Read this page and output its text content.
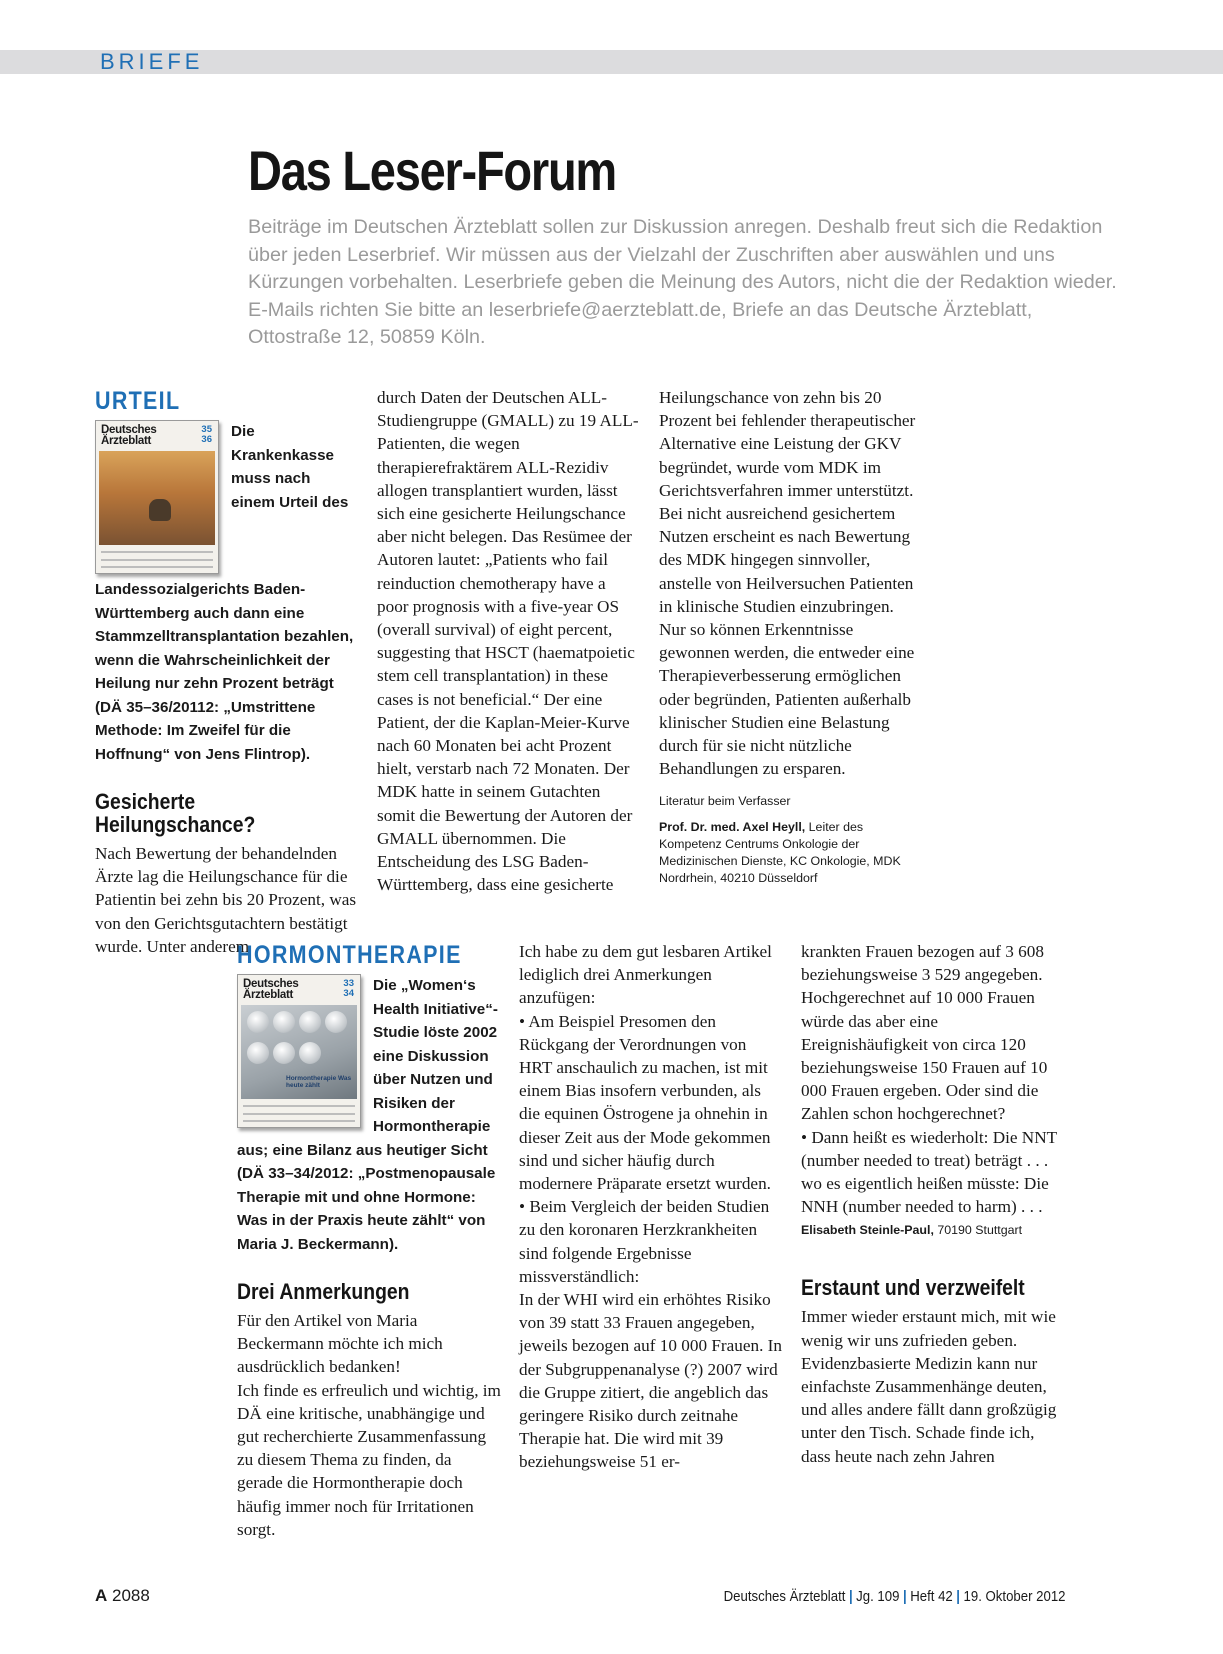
BRIEFE
Das Leser-Forum

Beiträge im Deutschen Ärzteblatt sollen zur Diskussion anregen. Deshalb freut sich die Redaktion über jeden Leserbrief. Wir müssen aus der Vielzahl der Zuschriften aber auswählen und uns Kürzungen vorbehalten. Leserbriefe geben die Meinung des Autors, nicht die der Redaktion wieder. E-Mails richten Sie bitte an leserbriefe@aerzteblatt.de, Briefe an das Deutsche Ärzteblatt, Ottostraße 12, 50859 Köln.

URTEIL
Deutsches
Ärzteblatt
35
36	Die Krankenkasse muss nach einem Urteil des Landessozialgerichts Baden-Württemberg auch dann eine Stammzelltransplantation bezahlen, wenn die Wahrscheinlichkeit der Heilung nur zehn Prozent beträgt (DÄ 35–36/20112: „Umstrittene Methode: Im Zweifel für die Hoffnung“ von Jens Flintrop).

Gesicherte Heilungschance?

Nach Bewertung der behandelnden Ärzte lag die Heilungschance für die Patientin bei zehn bis 20 Prozent, was von den Gerichtsgutachtern bestätigt wurde. Unter anderem

durch Daten der Deutschen ALL-Studiengruppe (GMALL) zu 19 ALL-Patienten, die wegen therapierefraktärem ALL-Rezidiv allogen transplantiert wurden, lässt sich eine gesicherte Heilungschance aber nicht belegen. Das Resümee der Autoren lautet: „Patients who fail reinduction chemotherapy have a poor prognosis with a five-year OS (overall survival) of eight percent, suggesting that HSCT (haematpoietic stem cell transplantation) in these cases is not beneficial.“ Der eine Patient, der die Kaplan-Meier-Kurve nach 60 Monaten bei acht Prozent hielt, verstarb nach 72 Monaten. Der MDK hatte in seinem Gutachten somit die Bewertung der Autoren der GMALL übernommen. Die Entscheidung des LSG Baden-Württemberg, dass eine gesicherte

Heilungschance von zehn bis 20 Prozent bei fehlender therapeutischer Alternative eine Leistung der GKV begründet, wurde vom MDK im Gerichtsverfahren immer unterstützt. Bei nicht ausreichend gesichertem Nutzen erscheint es nach Bewertung des MDK hingegen sinnvoller, anstelle von Heilversuchen Patienten in klinische Studien einzubringen. Nur so können Erkenntnisse gewonnen werden, die entweder eine Therapieverbesserung ermöglichen oder begründen, Patienten außerhalb klinischer Studien eine Belastung durch für sie nicht nützliche Behandlungen zu ersparen.

Literatur beim Verfasser

Prof. Dr. med. Axel Heyll, Leiter des Kompetenz Centrums Onkologie der Medizinischen Dienste, KC Onkologie, MDK Nordrhein, 40210 Düsseldorf

HORMONTHERAPIE
Deutsches
Ärzteblatt
33
34

Hormontherapie Was heute zählt

Die „Women‘s Health Initiative“-Studie löste 2002 eine Diskussion über Nutzen und Risiken der Hormontherapie aus; eine Bilanz aus heutiger Sicht (DÄ 33–34/2012: „Postmenopausale Therapie mit und ohne Hormone: Was in der Praxis heute zählt“ von Maria J. Beckermann).

Drei Anmerkungen

Für den Artikel von Maria Beckermann möchte ich mich ausdrücklich bedanken!
Ich finde es erfreulich und wichtig, im DÄ eine kritische, unabhängige und gut recherchierte Zusammenfassung zu diesem Thema zu finden, da gerade die Hormontherapie doch häufig immer noch für Irritationen sorgt.

Ich habe zu dem gut lesbaren Artikel lediglich drei Anmerkungen anzufügen:
• Am Beispiel Presomen den Rückgang der Verordnungen von HRT anschaulich zu machen, ist mit einem Bias insofern verbunden, als die equinen Östrogene ja ohnehin in dieser Zeit aus der Mode gekommen sind und sicher häufig durch modernere Präparate ersetzt wurden.
• Beim Vergleich der beiden Studien zu den koronaren Herzkrankheiten sind folgende Ergebnisse missverständlich:
In der WHI wird ein erhöhtes Risiko von 39 statt 33 Frauen angegeben, jeweils bezogen auf 10 000 Frauen. In der Subgruppenanalyse (?) 2007 wird die Gruppe zitiert, die angeblich das geringere Risiko durch zeitnahe Therapie hat. Die wird mit 39 beziehungsweise 51 er-

krankten Frauen bezogen auf 3 608 beziehungsweise 3 529 angegeben. Hochgerechnet auf 10 000 Frauen würde das aber eine Ereignishäufigkeit von circa 120 beziehungsweise 150 Frauen auf 10 000 Frauen ergeben. Oder sind die Zahlen schon hochgerechnet?
• Dann heißt es wiederholt: Die NNT (number needed to treat) beträgt . . . wo es eigentlich heißen müsste: Die NNH (number needed to harm) . . .

Elisabeth Steinle-Paul, 70190 Stuttgart

Erstaunt und verzweifelt

Immer wieder erstaunt mich, mit wie wenig wir uns zufrieden geben. Evidenzbasierte Medizin kann nur einfachste Zusammenhänge deuten, und alles andere fällt dann großzügig unter den Tisch. Schade finde ich, dass heute nach zehn Jahren

A 2088	Deutsches Ärzteblatt | Jg. 109 | Heft 42 | 19. Oktober 2012
